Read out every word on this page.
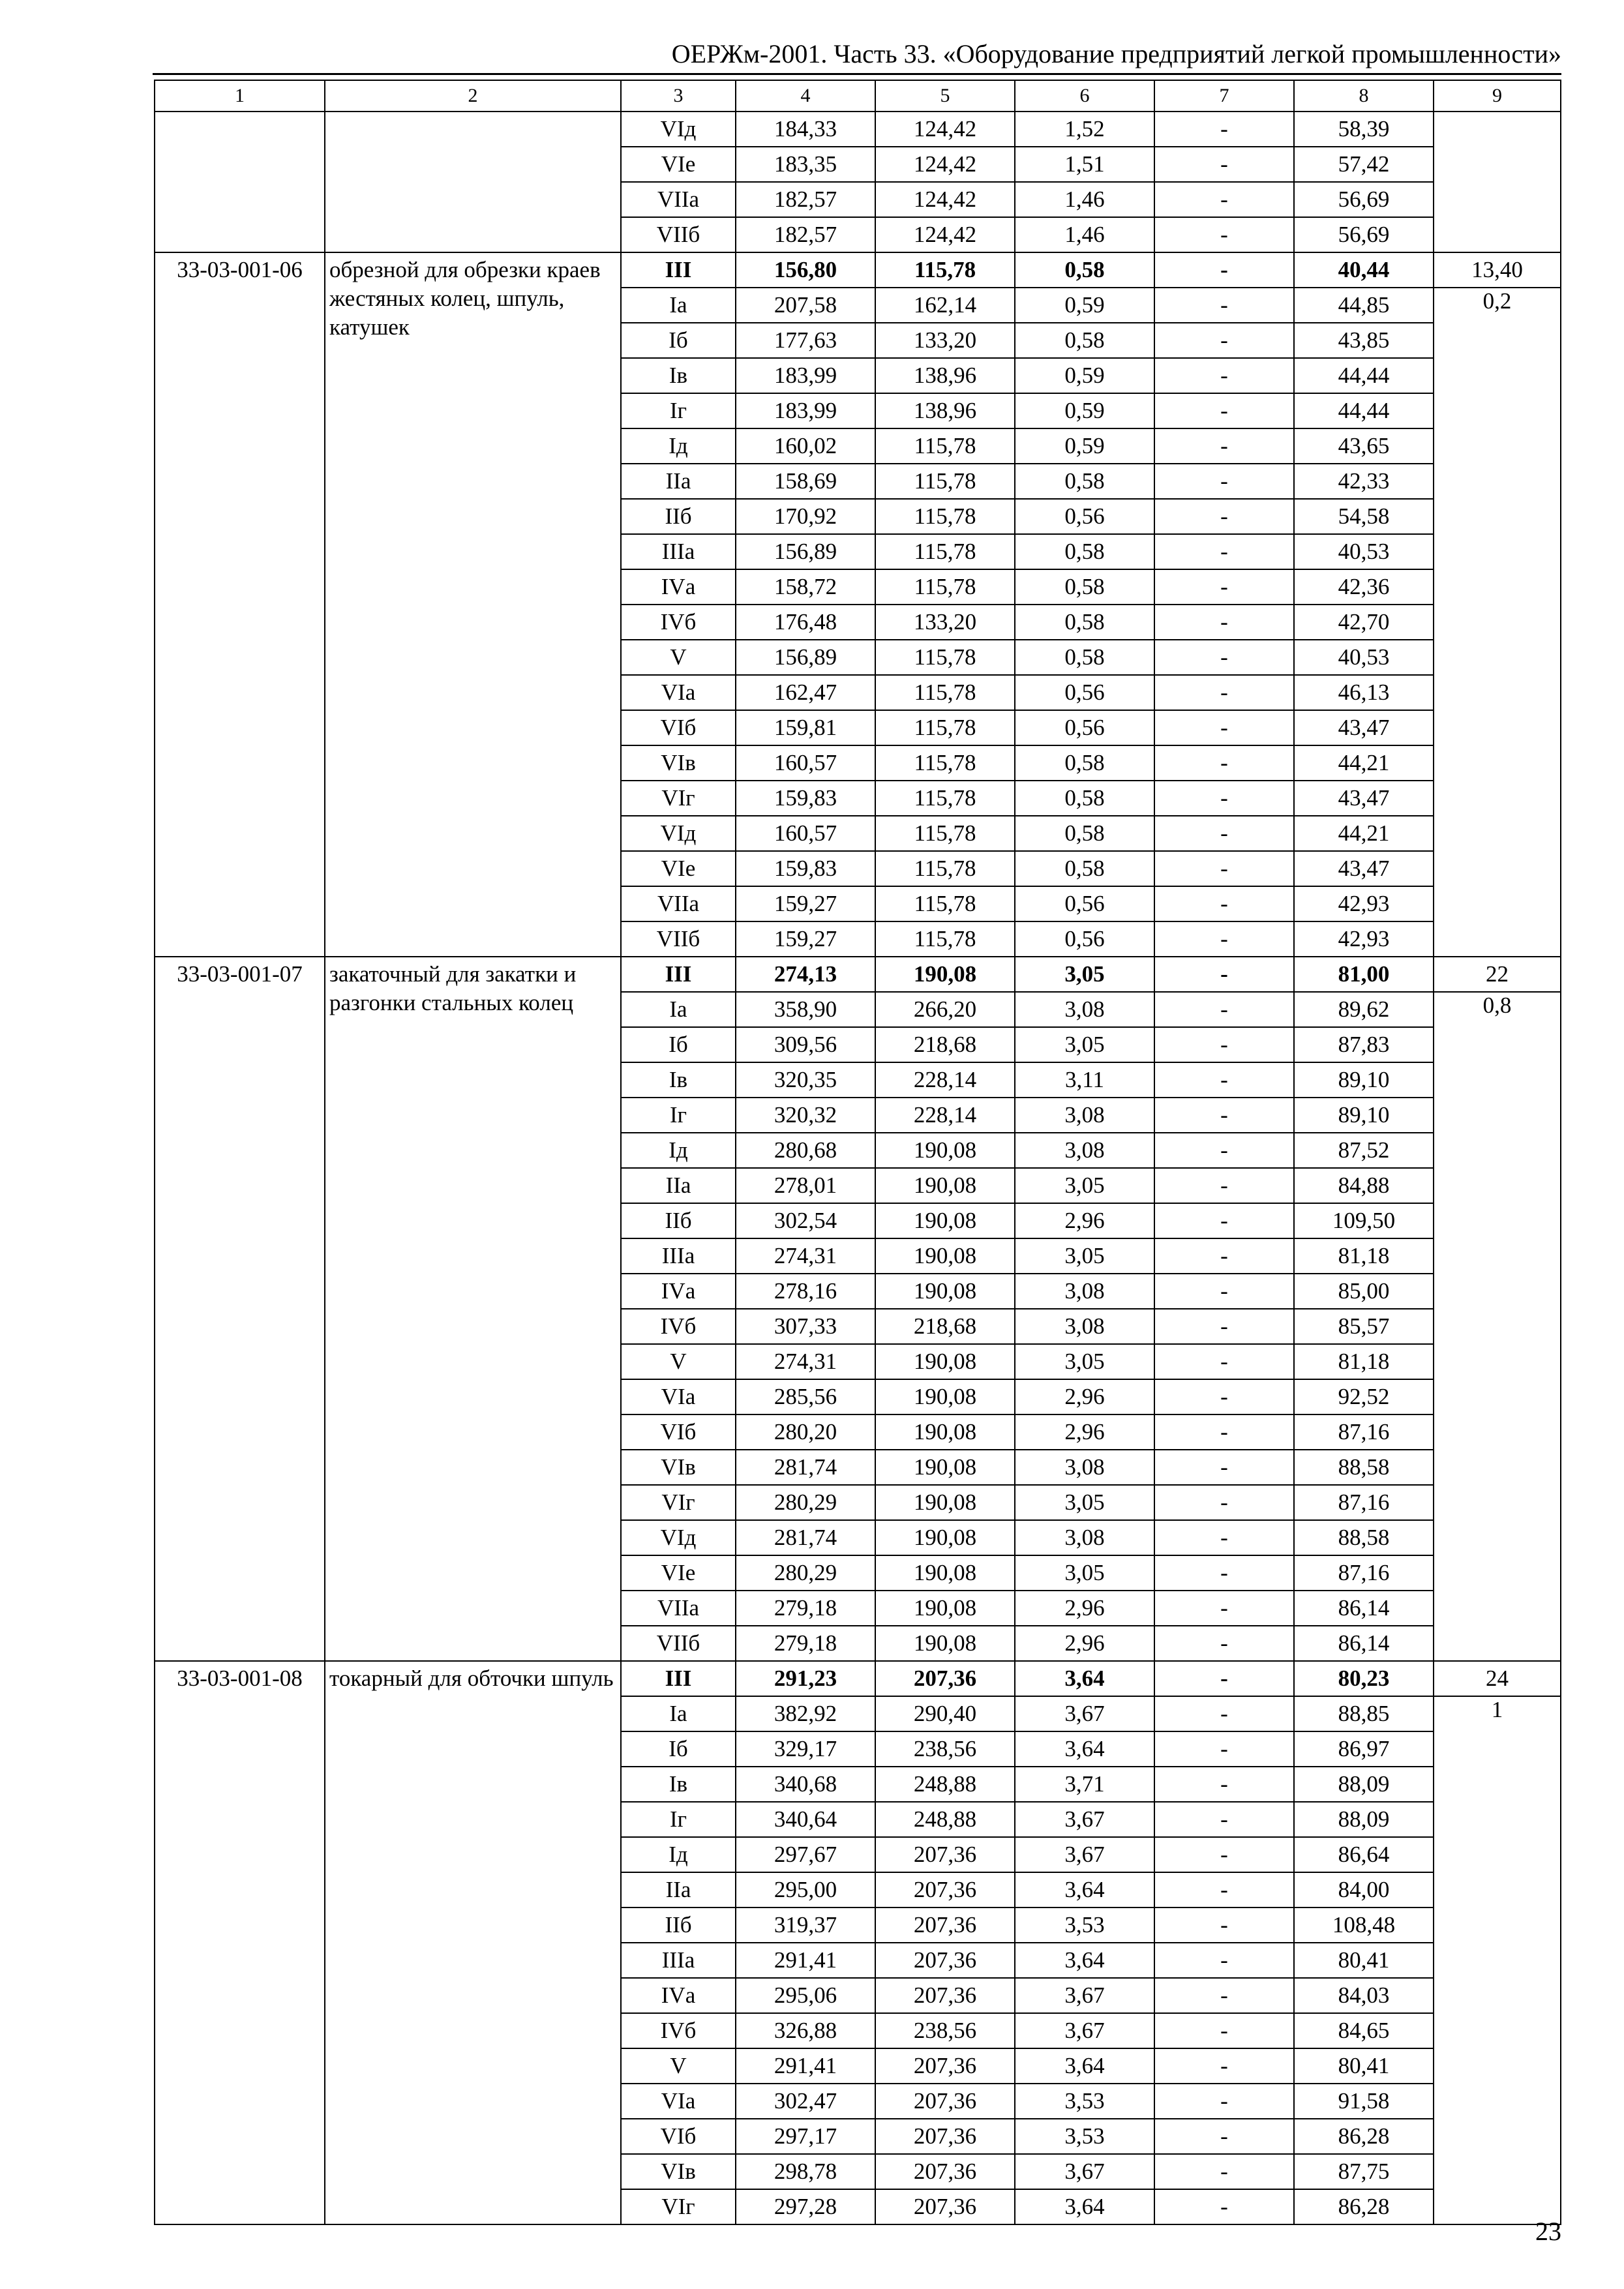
ОЕРЖм-2001. Часть 33. «Оборудование предприятий легкой промышленности»
1	2	3	4	5	6	7	8	9
		VIд	184,33	124,42	1,52	-	58,39	
		VIе	183,35	124,42	1,51	-	57,42	
		VIIа	182,57	124,42	1,46	-	56,69	
		VIIб	182,57	124,42	1,46	-	56,69	
33-03-001-06	обрезной для обрезки краев жестяных колец, шпуль, катушек	III	156,80	115,78	0,58	-	40,44	13,40
		Iа	207,58	162,14	0,59	-	44,85	0,2
		Iб	177,63	133,20	0,58	-	43,85	
		Iв	183,99	138,96	0,59	-	44,44	
		Iг	183,99	138,96	0,59	-	44,44	
		Iд	160,02	115,78	0,59	-	43,65	
		IIа	158,69	115,78	0,58	-	42,33	
		IIб	170,92	115,78	0,56	-	54,58	
		IIIа	156,89	115,78	0,58	-	40,53	
		IVа	158,72	115,78	0,58	-	42,36	
		IVб	176,48	133,20	0,58	-	42,70	
		V	156,89	115,78	0,58	-	40,53	
		VIа	162,47	115,78	0,56	-	46,13	
		VIб	159,81	115,78	0,56	-	43,47	
		VIв	160,57	115,78	0,58	-	44,21	
		VIг	159,83	115,78	0,58	-	43,47	
		VIд	160,57	115,78	0,58	-	44,21	
		VIе	159,83	115,78	0,58	-	43,47	
		VIIа	159,27	115,78	0,56	-	42,93	
		VIIб	159,27	115,78	0,56	-	42,93	
33-03-001-07	закаточный для закатки и разгонки стальных колец	III	274,13	190,08	3,05	-	81,00	22
		Iа	358,90	266,20	3,08	-	89,62	0,8
		Iб	309,56	218,68	3,05	-	87,83	
		Iв	320,35	228,14	3,11	-	89,10	
		Iг	320,32	228,14	3,08	-	89,10	
		Iд	280,68	190,08	3,08	-	87,52	
		IIа	278,01	190,08	3,05	-	84,88	
		IIб	302,54	190,08	2,96	-	109,50	
		IIIа	274,31	190,08	3,05	-	81,18	
		IVа	278,16	190,08	3,08	-	85,00	
		IVб	307,33	218,68	3,08	-	85,57	
		V	274,31	190,08	3,05	-	81,18	
		VIа	285,56	190,08	2,96	-	92,52	
		VIб	280,20	190,08	2,96	-	87,16	
		VIв	281,74	190,08	3,08	-	88,58	
		VIг	280,29	190,08	3,05	-	87,16	
		VIд	281,74	190,08	3,08	-	88,58	
		VIе	280,29	190,08	3,05	-	87,16	
		VIIа	279,18	190,08	2,96	-	86,14	
		VIIб	279,18	190,08	2,96	-	86,14	
33-03-001-08	токарный для обточки шпуль	III	291,23	207,36	3,64	-	80,23	24
		Iа	382,92	290,40	3,67	-	88,85	1
		Iб	329,17	238,56	3,64	-	86,97	
		Iв	340,68	248,88	3,71	-	88,09	
		Iг	340,64	248,88	3,67	-	88,09	
		Iд	297,67	207,36	3,67	-	86,64	
		IIа	295,00	207,36	3,64	-	84,00	
		IIб	319,37	207,36	3,53	-	108,48	
		IIIа	291,41	207,36	3,64	-	80,41	
		IVа	295,06	207,36	3,67	-	84,03	
		IVб	326,88	238,56	3,67	-	84,65	
		V	291,41	207,36	3,64	-	80,41	
		VIа	302,47	207,36	3,53	-	91,58	
		VIб	297,17	207,36	3,53	-	86,28	
		VIв	298,78	207,36	3,67	-	87,75	
		VIг	297,28	207,36	3,64	-	86,28	
23
